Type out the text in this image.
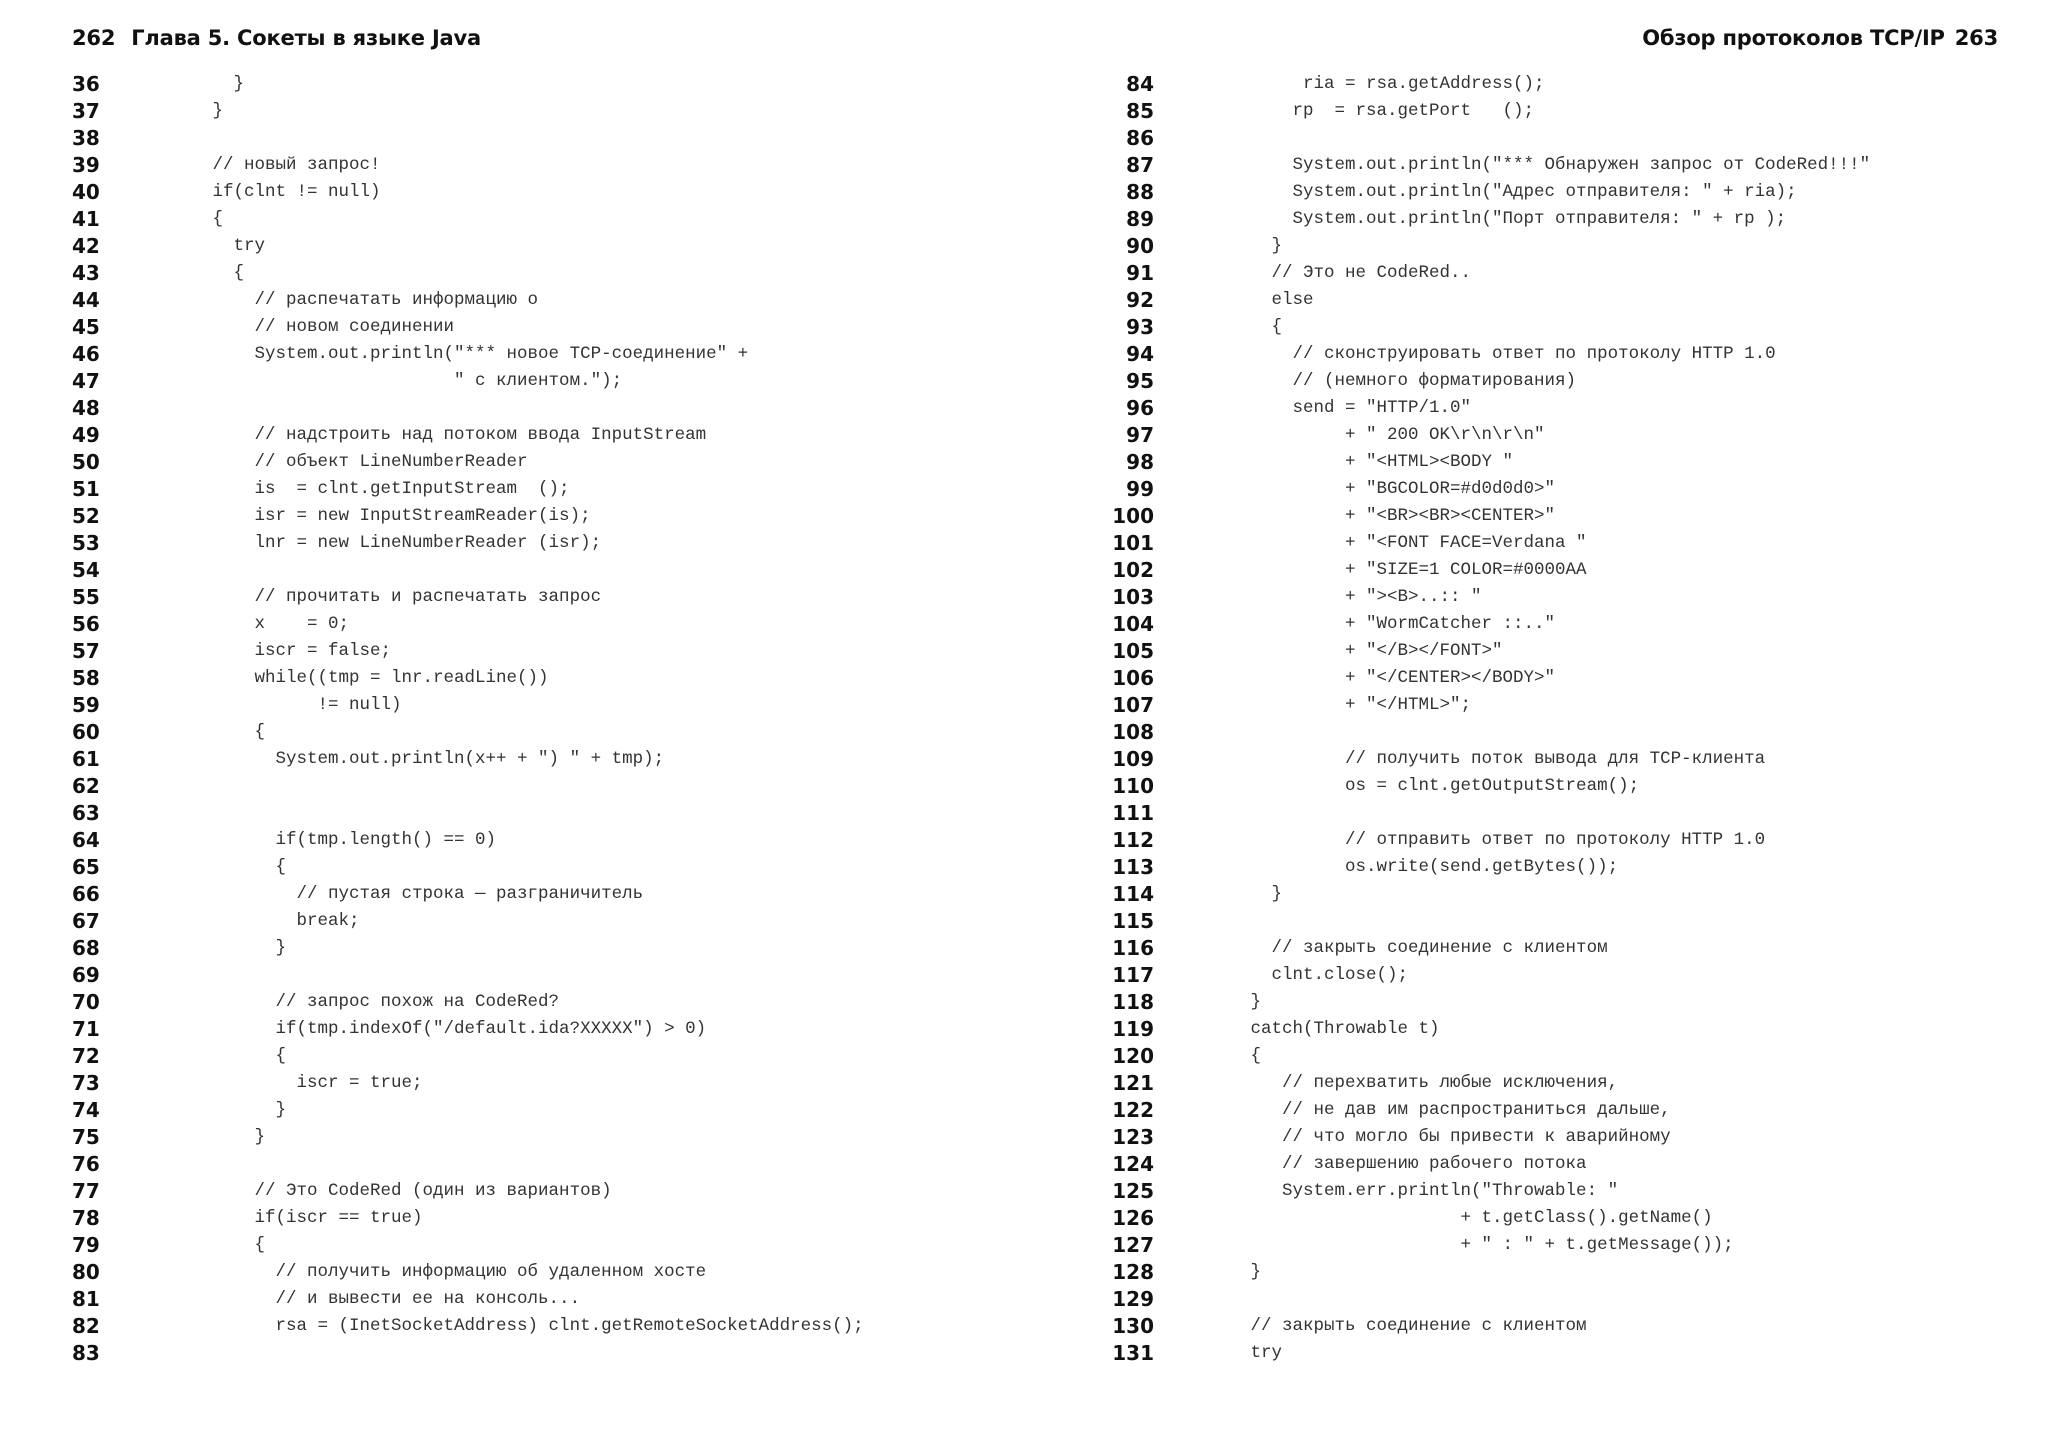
262 Глава 5. Сокеты в языке Java
36	}
37	}
38
39	// новый запрос!
40	if(clnt != null)
41	{
42	try
43	{
44	// распечатать информацию о
45	// новом соединении
46	System.out.println("*** новое TCP-соединение" +
47	" с клиентом.");
48
49	// надстроить над потоком ввода InputStream
50	// объект LineNumberReader
51	is  = clnt.getInputStream  ();
52	isr = new InputStreamReader(is);
53	lnr = new LineNumberReader (isr);
54
55	// прочитать и распечатать запрос
56	x    = 0;
57	iscr = false;
58	while((tmp = lnr.readLine())
59	!= null)
60	{
61	System.out.println(x++ + ") " + tmp);
62
63
64	if(tmp.length() == 0)
65	{
66	// пустая строка — разграничитель
67	break;
68	}
69
70	// запрос похож на CodeRed?
71	if(tmp.indexOf("/default.ida?XXXXX") > 0)
72	{
73	iscr = true;
74	}
75	}
76
77	// Это CodeRed (один из вариантов)
78	if(iscr == true)
79	{
80	// получить информацию об удаленном хосте
81	// и вывести ее на консоль...
82	rsa = (InetSocketAddress) clnt.getRemoteSocketAddress();
83
Обзор протоколов TCP/IP 263
84	ria = rsa.getAddress();
85	rp  = rsa.getPort   ();
86
87	System.out.println("*** Обнаружен запрос от CodeRed!!!"
88	System.out.println("Адрес отправителя: " + ria);
89	System.out.println("Порт отправителя: " + rp );
90	}
91	// Это не CodeRed..
92	else
93	{
94	// сконструировать ответ по протоколу HTTP 1.0
95	// (немного форматирования)
96	send = "HTTP/1.0"
97	+ " 200 OK\r\n\r\n"
98	+ "<HTML><BODY "
99	+ "BGCOLOR=#d0d0d0>"
100	+ "<BR><BR><CENTER>"
101	+ "<FONT FACE=Verdana "
102	+ "SIZE=1 COLOR=#0000AA
103	+ "><B>..:: "
104	+ "WormCatcher ::.."
105	+ "</B></FONT>"
106	+ "</CENTER></BODY>"
107	+ "</HTML>";
108
109	// получить поток вывода для TCP-клиента
110	os = clnt.getOutputStream();
111
112	// отправить ответ по протоколу HTTP 1.0
113	os.write(send.getBytes());
114	}
115
116	// закрыть соединение с клиентом
117	clnt.close();
118	}
119	catch(Throwable t)
120	{
121	// перехватить любые исключения,
122	// не дав им распространиться дальше,
123	// что могло бы привести к аварийному
124	// завершению рабочего потока
125	System.err.println("Throwable: "
126	+ t.getClass().getName()
127	+ " : " + t.getMessage());
128	}
129
130	// закрыть соединение с клиентом
131	try
